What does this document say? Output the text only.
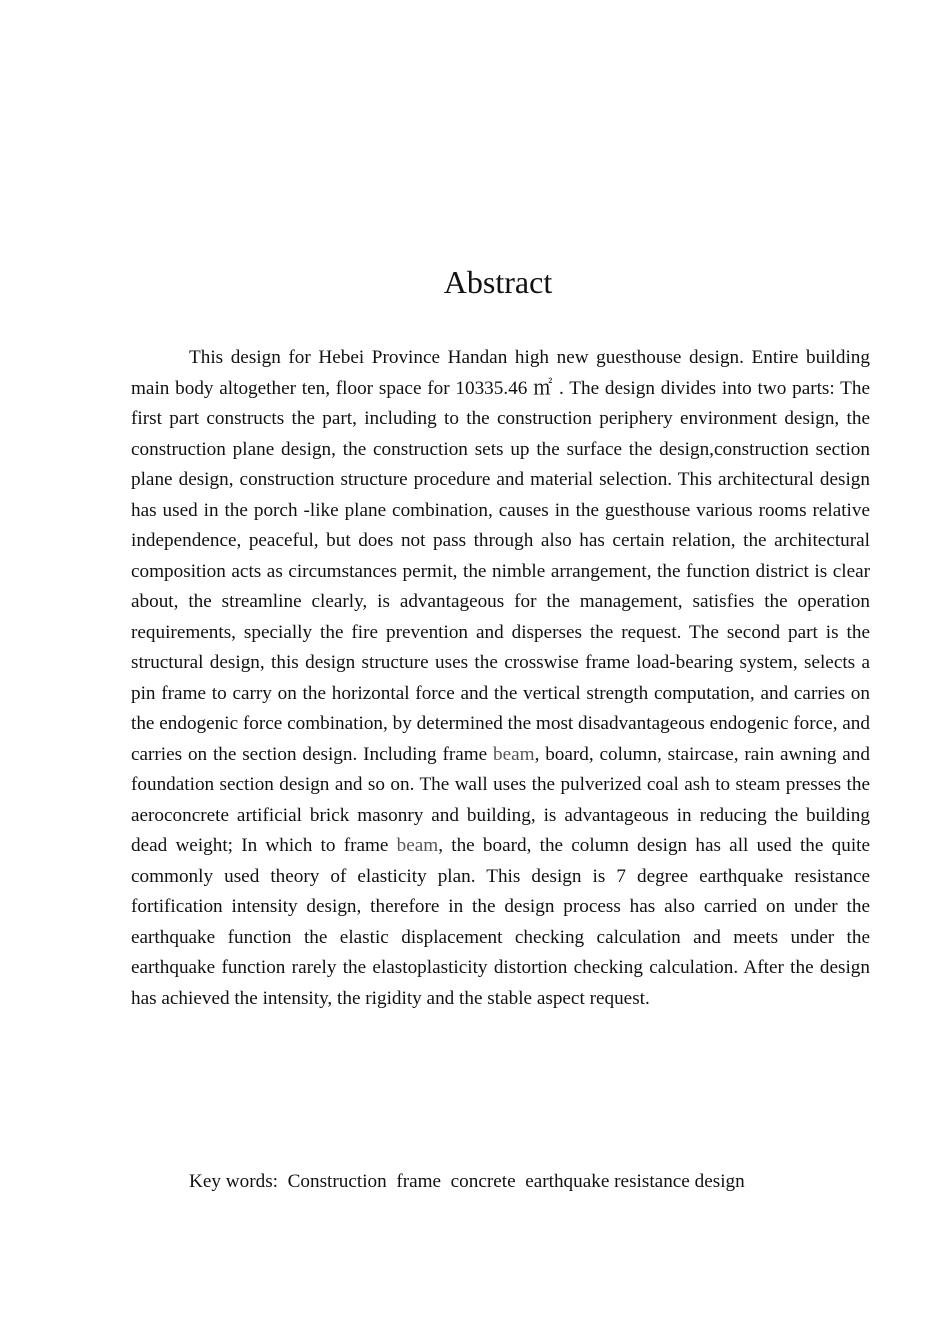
Abstract

This design for Hebei Province Handan high new guesthouse design. Entire building main body altogether ten, floor space for 10335.46 ㎡ . The design divides into two parts: The first part constructs the part, including to the construction periphery environment design, the construction plane design, the construction sets up the surface the design,construction section plane design, construction structure procedure and material selection. This architectural design has used in the porch -like plane combination, causes in the guesthouse various rooms relative independence, peaceful, but does not pass through also has certain relation, the architectural composition acts as circumstances permit, the nimble arrangement, the function district is clear about, the streamline clearly, is advantageous for the management, satisfies the operation requirements, specially the fire prevention and disperses the request. The second part is the structural design, this design structure uses the crosswise frame load-bearing system, selects a pin frame to carry on the horizontal force and the vertical strength computation, and carries on the endogenic force combination, by determined the most disadvantageous endogenic force, and carries on the section design. Including frame beam, board, column, staircase, rain awning and foundation section design and so on. The wall uses the pulverized coal ash to steam presses the aeroconcrete artificial brick masonry and building, is advantageous in reducing the building dead weight; In which to frame beam, the board, the column design has all used the quite commonly used theory of elasticity plan. This design is 7 degree earthquake resistance fortification intensity design, therefore in the design process has also carried on under the earthquake function the elastic displacement checking calculation and meets under the earthquake function rarely the elastoplasticity distortion checking calculation. After the design has achieved the intensity, the rigidity and the stable aspect request.

Key words:  Construction  frame  concrete  earthquake resistance design
